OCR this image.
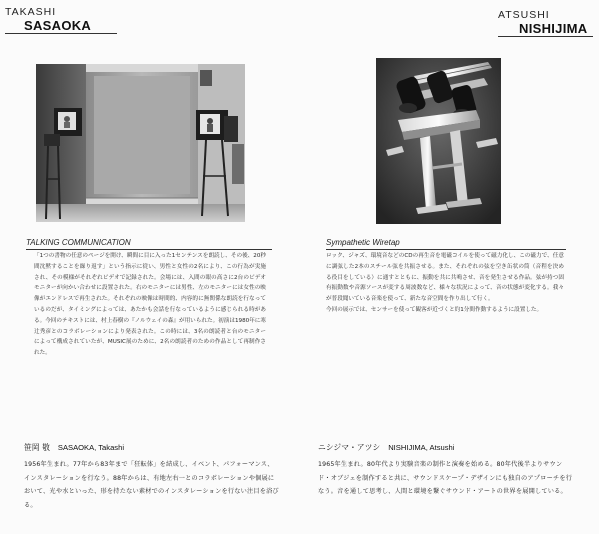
TAKASHI
SASAOKA
ATSUSHI
NISHIJIMA
TALKING COMMUNICATION

「1つの書物の任意のページを開け、瞬間に目に入った1センテンスを朗読し、その後、20秒間沈黙することを繰り返す」という指示に従い、男性と女性の2名により、この行為が実施され、その模様がそれぞれビデオで記録された。会場には、入間の眼の高さに2台のビデオモニターが向かい合わせに設置された。右のモニターには男性、左のモニターには女性の映像がエンドレスで再生された。それぞれの映像は時間的、内容的に無関係な朗読を行なっているのだが、タイミングによっては、あたかも会話を行なっているように感じられる時がある。今回のテキストには、村上春樹の『ノルウェイの森』が用いられた。初演は1980年に寒辻秀彦とのコラボレーションにより発表された。この時には、3名の朗読者と台のモニターによって構成されていたが、MUSIC展のために、2名の朗読者のための作品として再制作された。

Sympathetic Wiretap

ロック、ジャズ、環境音などのCDの再生音を電磁コイルを使って磁力化し、この磁力で、任意に調弦した2本のスチール弦を共振させる。また、それぞれの弦を空き缶状の筒（音程を決める役目をしている）に通すとともに、振動を共に共鳴させ、音を発生させる作品。弦が持つ固有振動数や音源ソースが変する周波数など、様々な状況によって、音の状態が変化する。我々が普段聞いている音楽を使って、新たな音空間を作り出して行く。

今回の展示では、センサーを使って観客が近づくと約1分間作動するように設置した。

笹岡 敬 SASAOKA, Takashi
1956年生まれ。77年から83年まで「狂転体」を結成し、イベント、パフォーマンス、インスタレーションを行なう。88年からは、有地左右一とのコラボレーションや個展において、光や水といった、形を持たない素材でのインスタレーションを行ない注目を浴びる。
ニシジマ・アツシ NISHIJIMA, Atsushi
1965年生まれ。80年代より実験音楽の制作と演奏を始める。80年代後半よりサウンド・オブジェを制作すると共に、サウンドスケープ・デザインにも独自のアプローチを行なう。音を通して思考し、人間と環境を繋ぐサウンド・アートの世界を展開している。
